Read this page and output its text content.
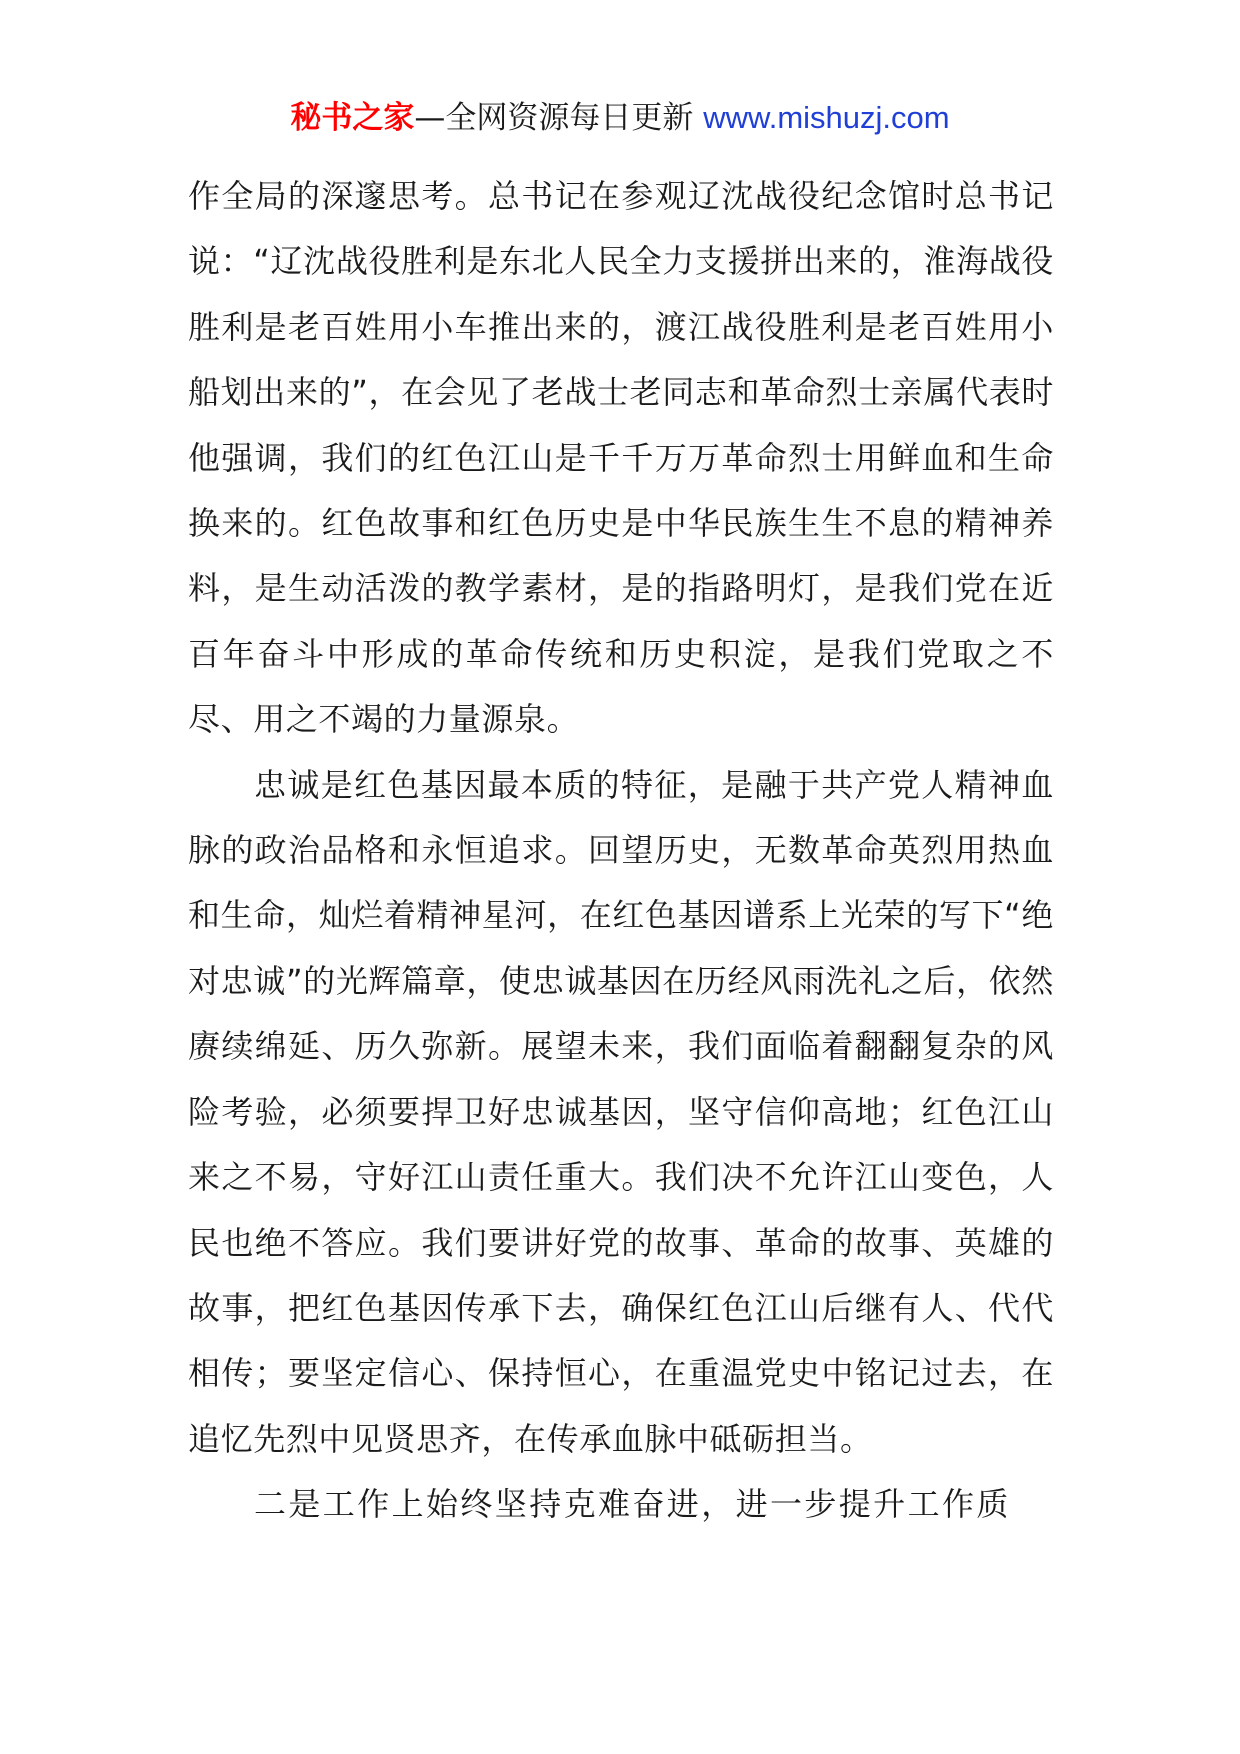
秘书之家—全网资源每日更新 www.mishuzj.com

作全局的深邃思考。总书记在参观辽沈战役纪念馆时总书记说：“辽沈战役胜利是东北人民全力支援拼出来的，淮海战役胜利是老百姓用小车推出来的，渡江战役胜利是老百姓用小船划出来的”，在会见了老战士老同志和革命烈士亲属代表时他强调，我们的红色江山是千千万万革命烈士用鲜血和生命换来的。红色故事和红色历史是中华民族生生不息的精神养料，是生动活泼的教学素材，是的指路明灯，是我们党在近百年奋斗中形成的革命传统和历史积淀，是我们党取之不尽、用之不竭的力量源泉。

忠诚是红色基因最本质的特征，是融于共产党人精神血脉的政治品格和永恒追求。回望历史，无数革命英烈用热血和生命，灿烂着精神星河，在红色基因谱系上光荣的写下“绝对忠诚”的光辉篇章，使忠诚基因在历经风雨洗礼之后，依然赓续绵延、历久弥新。展望未来，我们面临着翻翻复杂的风险考验，必须要捍卫好忠诚基因，坚守信仰高地；红色江山来之不易，守好江山责任重大。我们决不允许江山变色，人民也绝不答应。我们要讲好党的故事、革命的故事、英雄的故事，把红色基因传承下去，确保红色江山后继有人、代代相传；要坚定信心、保持恒心，在重温党史中铭记过去，在追忆先烈中见贤思齐，在传承血脉中砥砺担当。

二是工作上始终坚持克难奋进，进一步提升工作质
